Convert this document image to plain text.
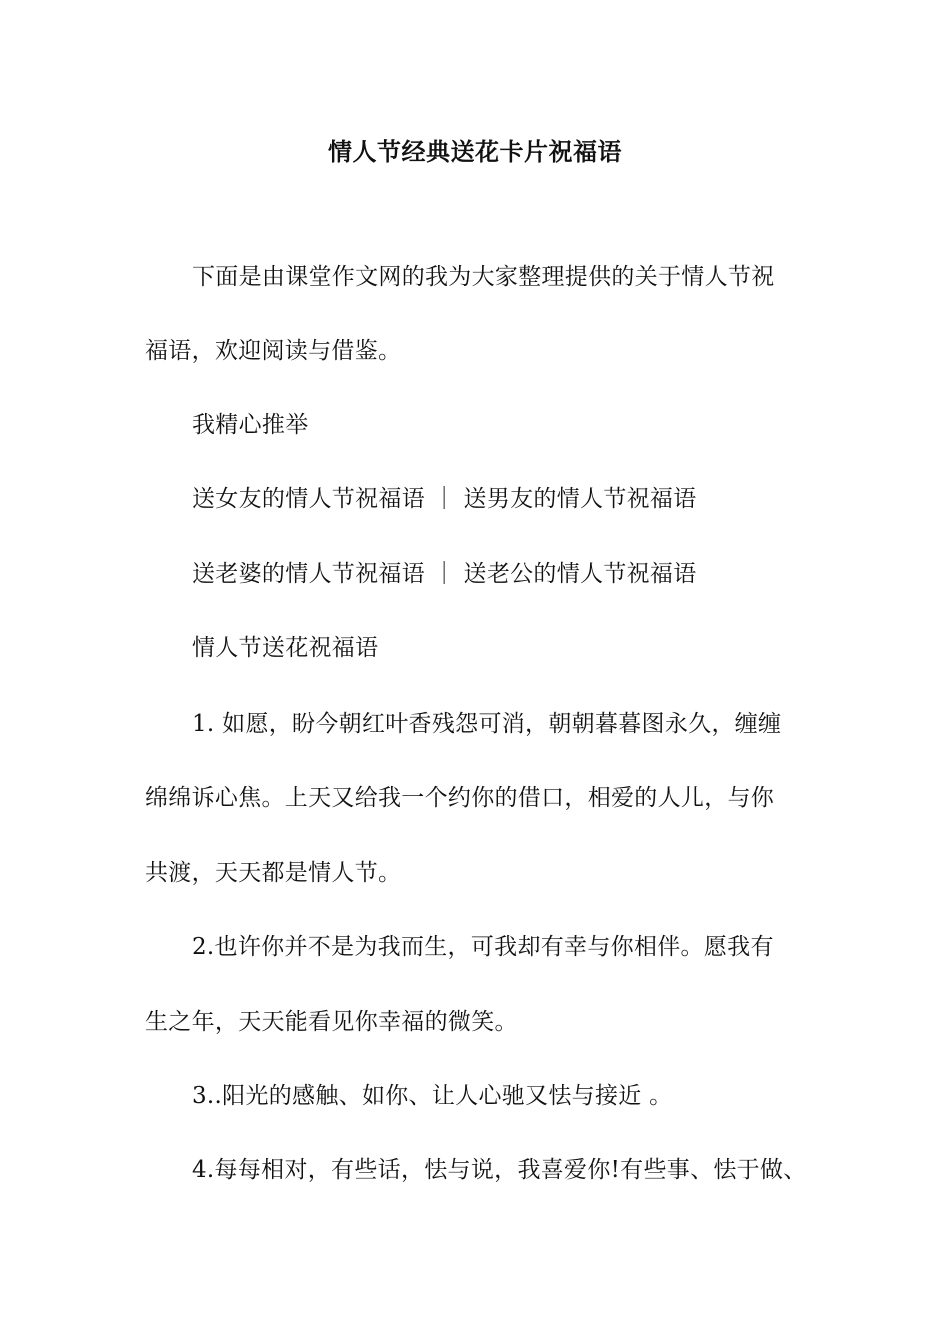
情人节经典送花卡片祝福语
下面是由课堂作文网的我为大家整理提供的关于情人节祝
福语，欢迎阅读与借鉴。
我精心推举
送女友的情人节祝福语 ｜ 送男友的情人节祝福语
送老婆的情人节祝福语 ｜ 送老公的情人节祝福语
情人节送花祝福语
1. 如愿，盼今朝红叶香残怨可消，朝朝暮暮图永久，缠缠
绵绵诉心焦。上天又给我一个约你的借口，相爱的人儿，与你
共渡，天天都是情人节。
2.也许你并不是为我而生，可我却有幸与你相伴。愿我有
生之年，天天能看见你幸福的微笑。
3..阳光的感触、如你、让人心驰又怯与接近 。
4.每每相对，有些话，怯与说，我喜爱你!有些事、怯于做、
